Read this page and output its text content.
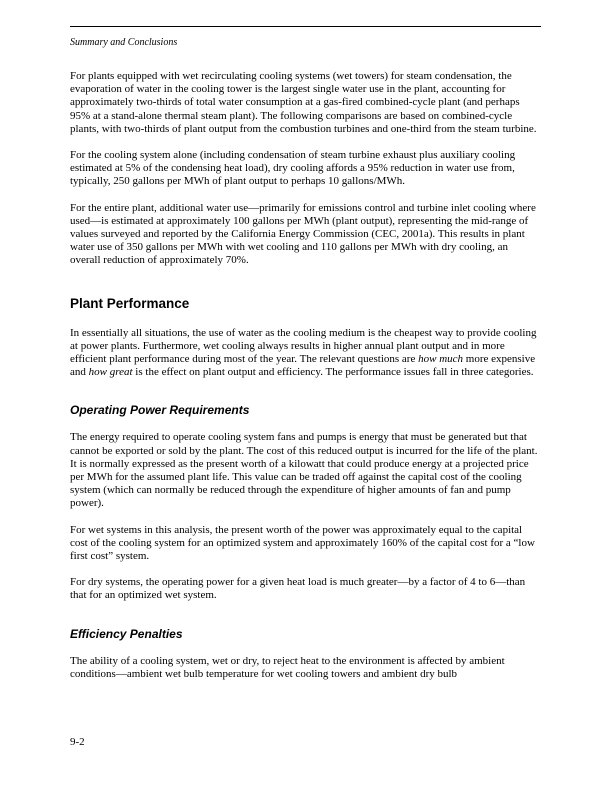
Summary and Conclusions

For plants equipped with wet recirculating cooling systems (wet towers) for steam condensation, the evaporation of water in the cooling tower is the largest single water use in the plant, accounting for approximately two-thirds of total water consumption at a gas-fired combined-cycle plant (and perhaps 95% at a stand-alone thermal steam plant). The following comparisons are based on combined-cycle plants, with two-thirds of plant output from the combustion turbines and one-third from the steam turbine.

For the cooling system alone (including condensation of steam turbine exhaust plus auxiliary cooling estimated at 5% of the condensing heat load), dry cooling affords a 95% reduction in water use from, typically, 250 gallons per MWh of plant output to perhaps 10 gallons/MWh.

For the entire plant, additional water use—primarily for emissions control and turbine inlet cooling where used—is estimated at approximately 100 gallons per MWh (plant output), representing the mid-range of values surveyed and reported by the California Energy Commission (CEC, 2001a). This results in plant water use of 350 gallons per MWh with wet cooling and 110 gallons per MWh with dry cooling, an overall reduction of approximately 70%.

Plant Performance

In essentially all situations, the use of water as the cooling medium is the cheapest way to provide cooling at power plants. Furthermore, wet cooling always results in higher annual plant output and in more efficient plant performance during most of the year. The relevant questions are how much more expensive and how great is the effect on plant output and efficiency. The performance issues fall in three categories.

Operating Power Requirements

The energy required to operate cooling system fans and pumps is energy that must be generated but that cannot be exported or sold by the plant. The cost of this reduced output is incurred for the life of the plant. It is normally expressed as the present worth of a kilowatt that could produce energy at a projected price per MWh for the assumed plant life. This value can be traded off against the capital cost of the cooling system (which can normally be reduced through the expenditure of higher amounts of fan and pump power).

For wet systems in this analysis, the present worth of the power was approximately equal to the capital cost of the cooling system for an optimized system and approximately 160% of the capital cost for a “low first cost” system.

For dry systems, the operating power for a given heat load is much greater—by a factor of 4 to 6—than that for an optimized wet system.

Efficiency Penalties

The ability of a cooling system, wet or dry, to reject heat to the environment is affected by ambient conditions—ambient wet bulb temperature for wet cooling towers and ambient dry bulb

9-2
